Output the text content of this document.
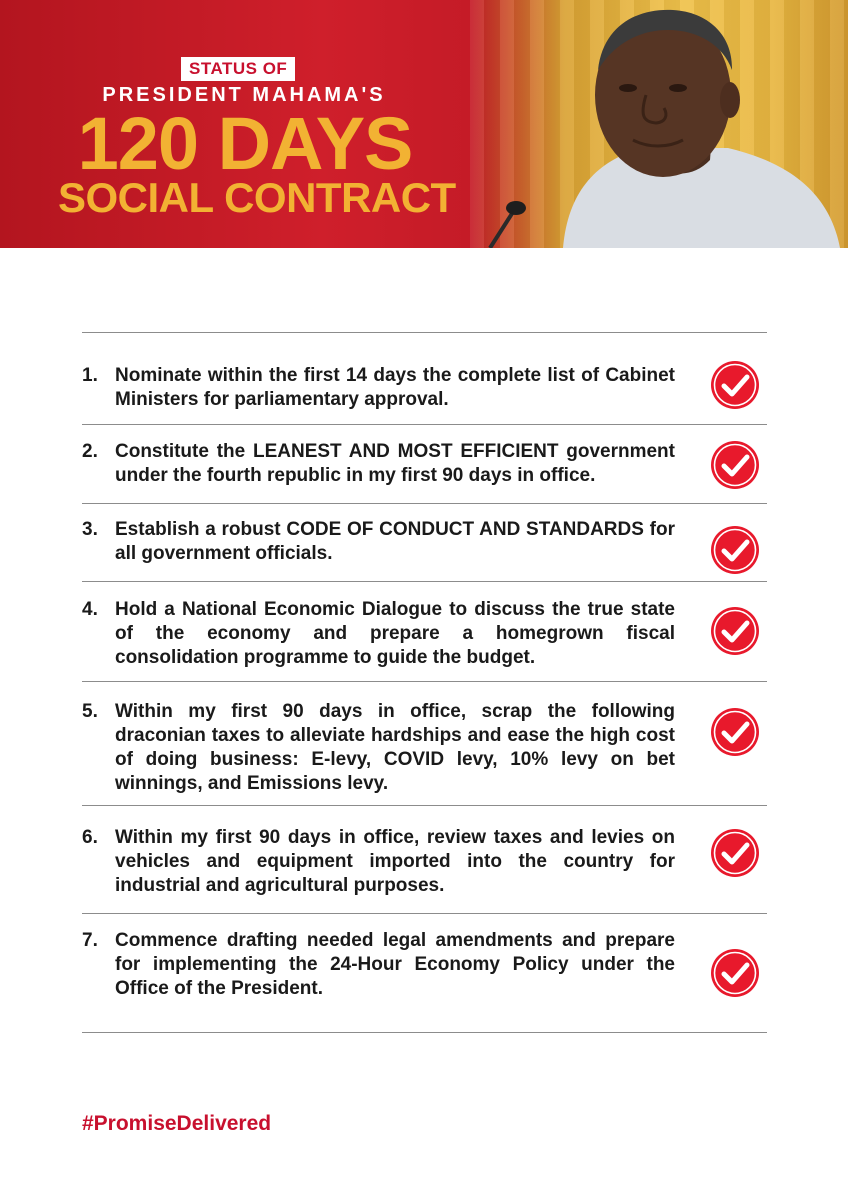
STATUS OF
PRESIDENT MAHAMA'S
120 DAYS
SOCIAL CONTRACT
1. Nominate within the first 14 days the complete list of Cabinet Ministers for parliamentary approval.
2. Constitute the LEANEST AND MOST EFFICIENT government under the fourth republic in my first 90 days in office.
3. Establish a robust CODE OF CONDUCT AND STANDARDS for all government officials.
4. Hold a National Economic Dialogue to discuss the true state of the economy and prepare a homegrown fiscal consolidation programme to guide the budget.
5. Within my first 90 days in office, scrap the following draconian taxes to alleviate hardships and ease the high cost of doing business: E-levy, COVID levy, 10% levy on bet winnings, and Emissions levy.
6. Within my first 90 days in office, review taxes and levies on vehicles and equipment imported into the country for industrial and agricultural purposes.
7. Commence drafting needed legal amendments and prepare for implementing the 24-Hour Economy Policy under the Office of the President.
#PromiseDelivered
